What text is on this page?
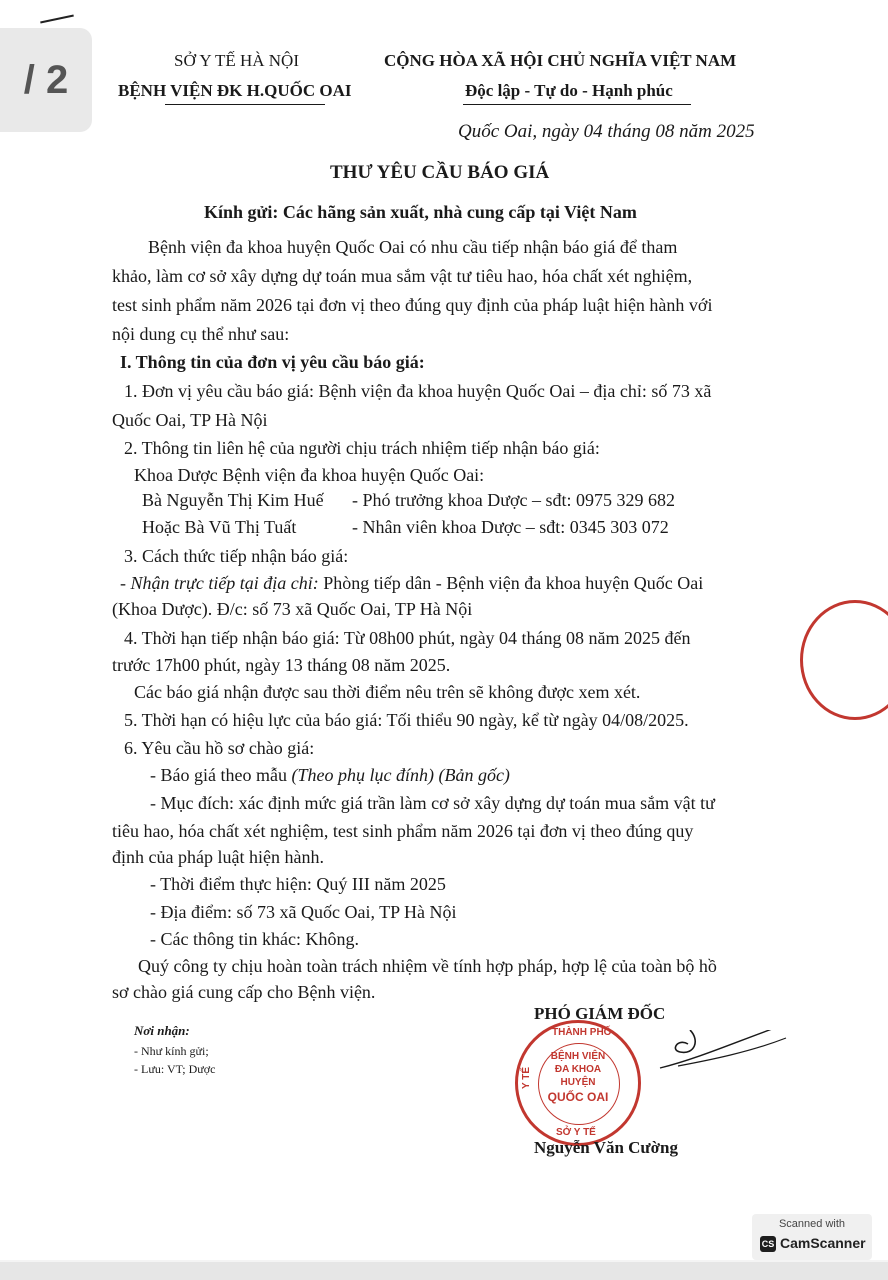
/ 2	SỞ Y TẾ HÀ NỘI
BỆNH VIỆN ĐK H.QUỐC OAI
CỘNG HÒA XÃ HỘI CHỦ NGHĨA VIỆT NAM
Độc lập - Tự do - Hạnh phúc
Quốc Oai, ngày 04 tháng 08 năm 2025
THƯ YÊU CẦU BÁO GIÁ
Kính gửi: Các hãng sản xuất, nhà cung cấp tại Việt Nam
Bệnh viện đa khoa huyện Quốc Oai có nhu cầu tiếp nhận báo giá để tham
khảo, làm cơ sở xây dựng dự toán mua sắm vật tư tiêu hao, hóa chất xét nghiệm,
test sinh phẩm năm 2026 tại đơn vị theo đúng quy định của pháp luật hiện hành với
nội dung cụ thể như sau:
I. Thông tin của đơn vị yêu cầu báo giá:
1. Đơn vị yêu cầu báo giá: Bệnh viện đa khoa huyện Quốc Oai – địa chỉ: số 73 xã
Quốc Oai, TP Hà Nội
2. Thông tin liên hệ của người chịu trách nhiệm tiếp nhận báo giá:
Khoa Dược Bệnh viện đa khoa huyện Quốc Oai:
Bà Nguyễn Thị Kim Huế - Phó trưởng khoa Dược – sđt: 0975 329 682
Hoặc Bà Vũ Thị Tuất	- Nhân viên khoa Dược – sđt: 0345 303 072
3. Cách thức tiếp nhận báo giá:
- Nhận trực tiếp tại địa chỉ: Phòng tiếp dân - Bệnh viện đa khoa huyện Quốc Oai
(Khoa Dược). Đ/c: số 73 xã Quốc Oai, TP Hà Nội
4. Thời hạn tiếp nhận báo giá: Từ 08h00 phút, ngày 04 tháng 08 năm 2025 đến
trước 17h00 phút, ngày 13 tháng 08 năm 2025.
Các báo giá nhận được sau thời điểm nêu trên sẽ không được xem xét.
5. Thời hạn có hiệu lực của báo giá: Tối thiểu 90 ngày, kể từ ngày 04/08/2025.
6. Yêu cầu hồ sơ chào giá:
- Báo giá theo mẫu (Theo phụ lục đính) (Bản gốc)
- Mục đích: xác định mức giá trần làm cơ sở xây dựng dự toán mua sắm vật tư
tiêu hao, hóa chất xét nghiệm, test sinh phẩm năm 2026 tại đơn vị theo đúng quy
định của pháp luật hiện hành.
- Thời điểm thực hiện: Quý III năm 2025
- Địa điểm: số 73 xã Quốc Oai, TP Hà Nội
- Các thông tin khác: Không.
Quý công ty chịu hoàn toàn trách nhiệm về tính hợp pháp, hợp lệ của toàn bộ hồ
sơ chào giá cung cấp cho Bệnh viện.
Nơi nhận:
- Như kính gửi;
- Lưu: VT; Dược
PHÓ GIÁM ĐỐC
THÀNH PHỐ
Y TẾ
BỆNH VIỆN
ĐA KHOA
HUYỆN
QUỐC OAI
SỞ Y TẾ
Nguyễn Văn Cường
Scanned with
CS CamScanner
